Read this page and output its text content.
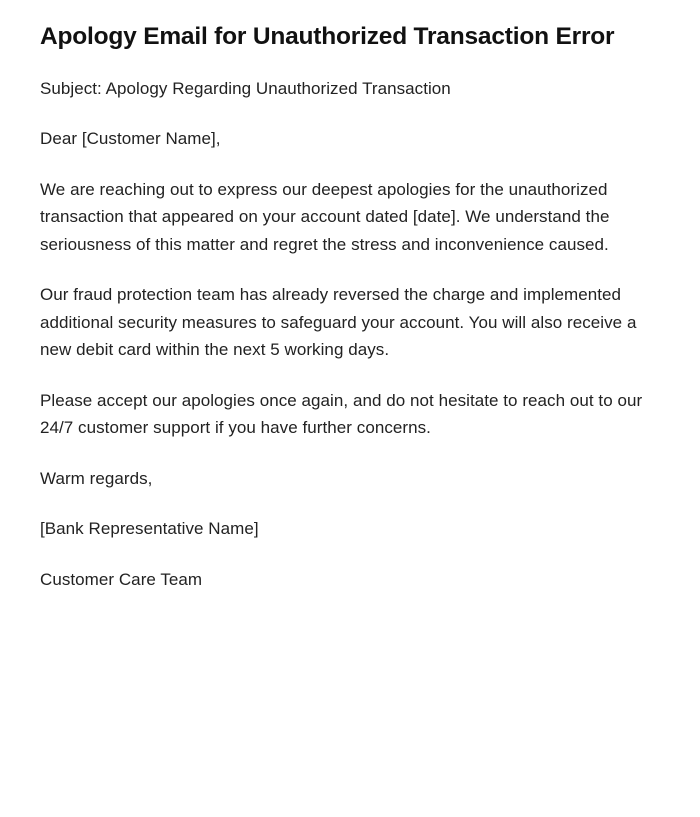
Apology Email for Unauthorized Transaction Error

Subject: Apology Regarding Unauthorized Transaction

Dear [Customer Name],

We are reaching out to express our deepest apologies for the unauthorized transaction that appeared on your account dated [date]. We understand the seriousness of this matter and regret the stress and inconvenience caused.

Our fraud protection team has already reversed the charge and implemented additional security measures to safeguard your account. You will also receive a new debit card within the next 5 working days.

Please accept our apologies once again, and do not hesitate to reach out to our 24/7 customer support if you have further concerns.

Warm regards,

[Bank Representative Name]

Customer Care Team
